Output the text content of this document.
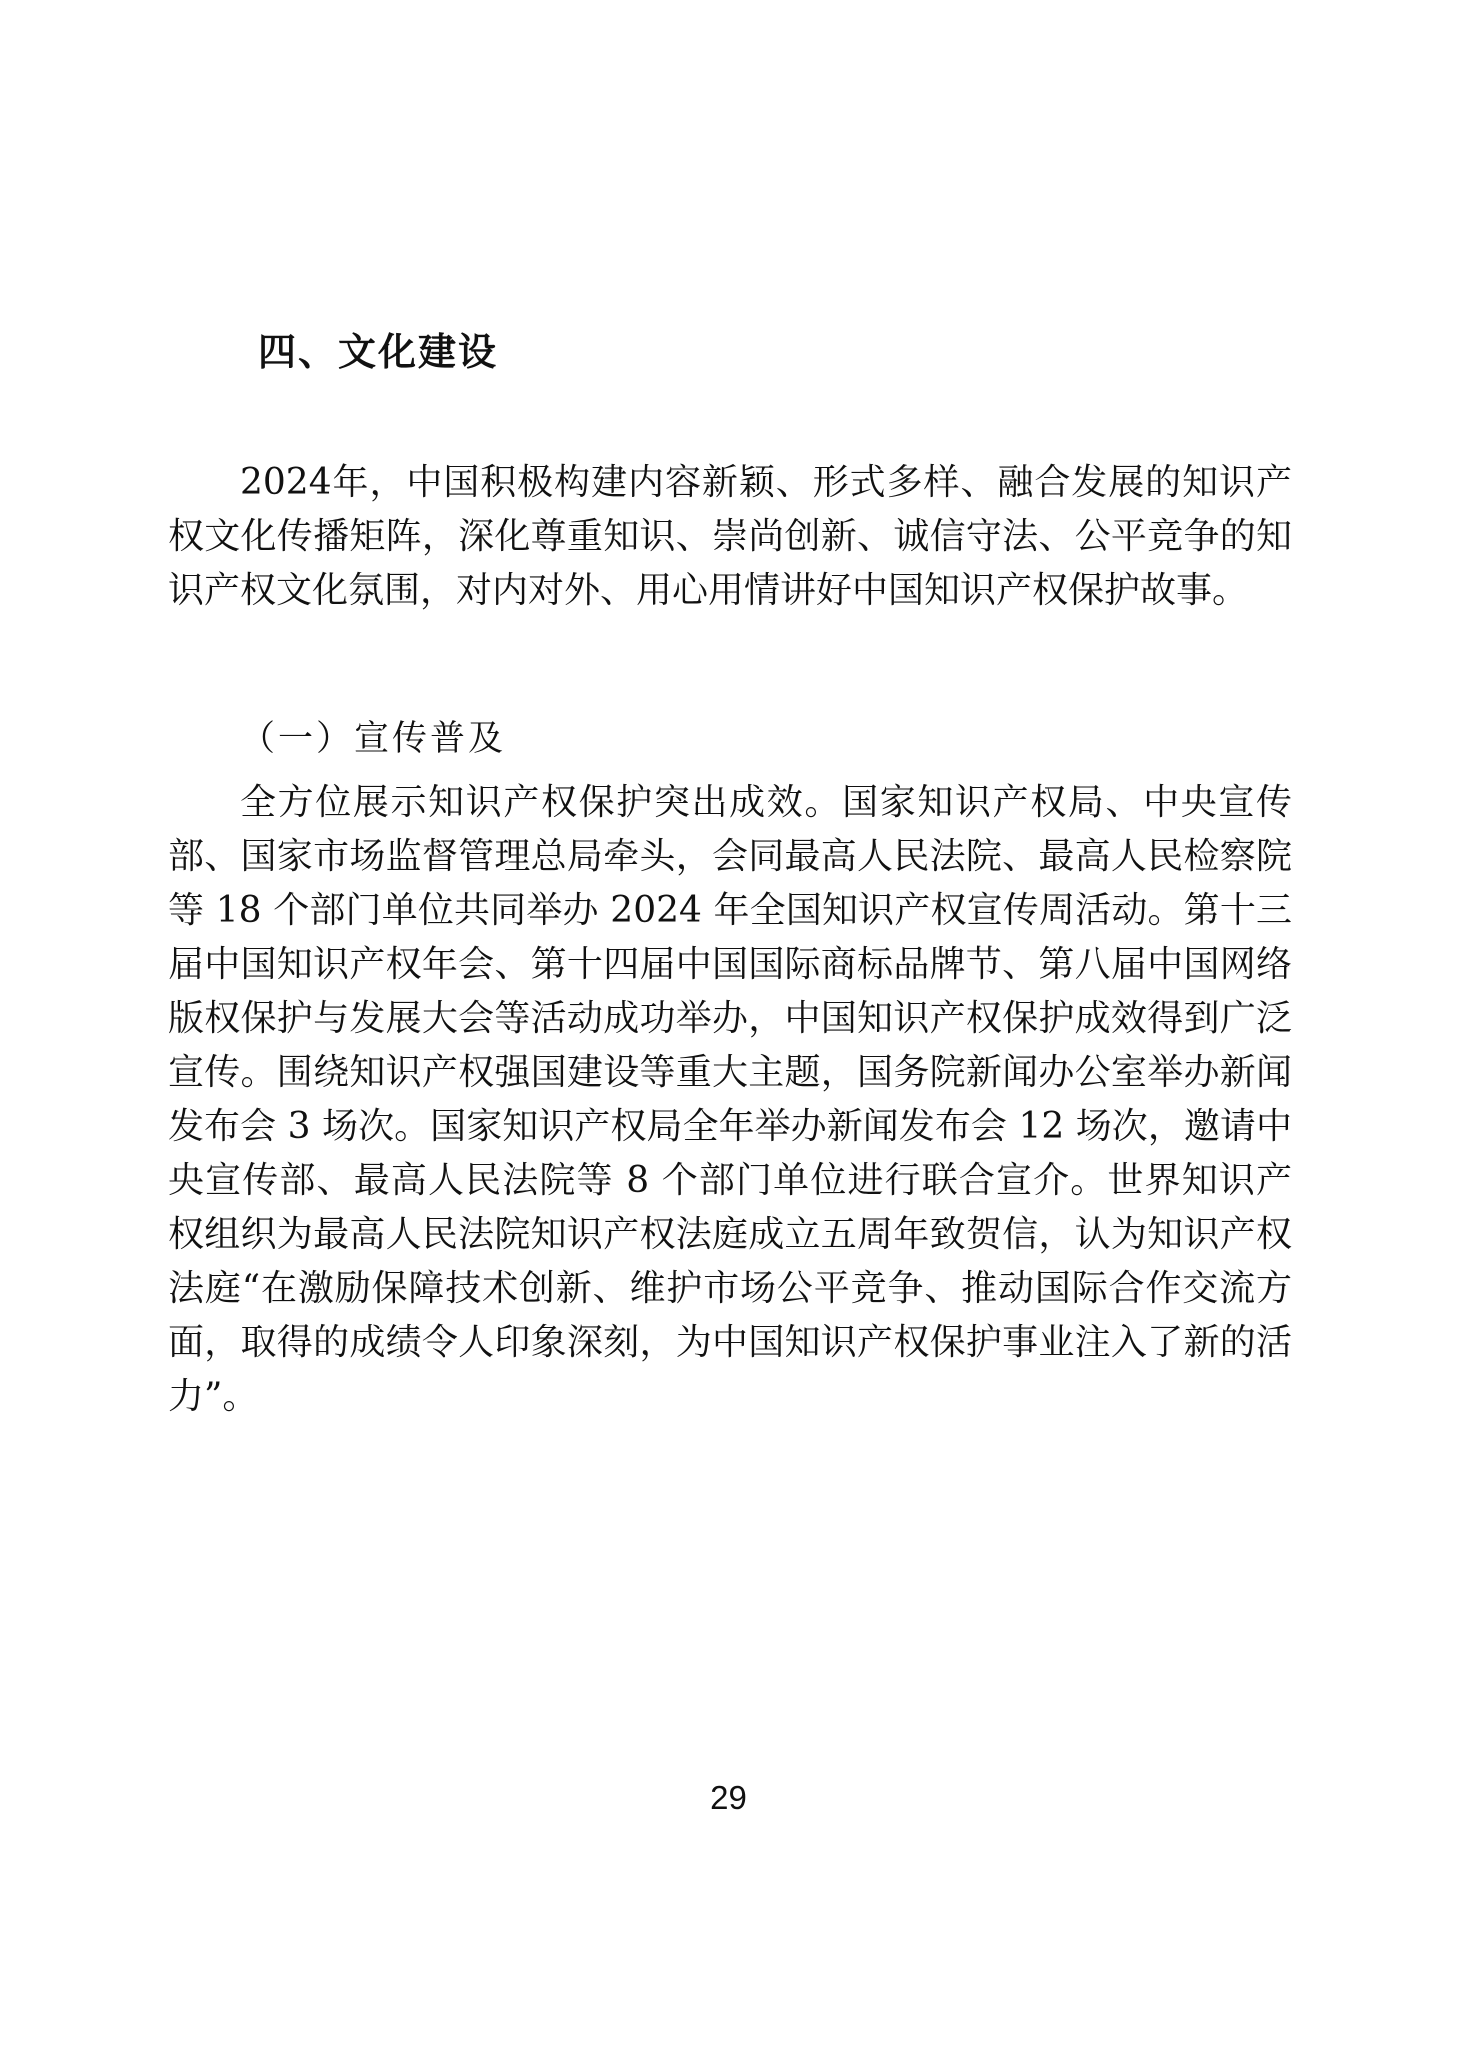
四、文化建设

2024年，中国积极构建内容新颖、形式多样、融合发展的知识产权文化传播矩阵，深化尊重知识、崇尚创新、诚信守法、公平竞争的知识产权文化氛围，对内对外、用心用情讲好中国知识产权保护故事。

（一）宣传普及

全方位展示知识产权保护突出成效。国家知识产权局、中央宣传部、国家市场监督管理总局牵头，会同最高人民法院、最高人民检察院等 18 个部门单位共同举办 2024 年全国知识产权宣传周活动。第十三届中国知识产权年会、第十四届中国国际商标品牌节、第八届中国网络版权保护与发展大会等活动成功举办，中国知识产权保护成效得到广泛宣传。围绕知识产权强国建设等重大主题，国务院新闻办公室举办新闻发布会 3 场次。国家知识产权局全年举办新闻发布会 12 场次，邀请中央宣传部、最高人民法院等 8 个部门单位进行联合宣介。世界知识产权组织为最高人民法院知识产权法庭成立五周年致贺信，认为知识产权法庭“在激励保障技术创新、维护市场公平竞争、推动国际合作交流方面，取得的成绩令人印象深刻，为中国知识产权保护事业注入了新的活力”。

29
